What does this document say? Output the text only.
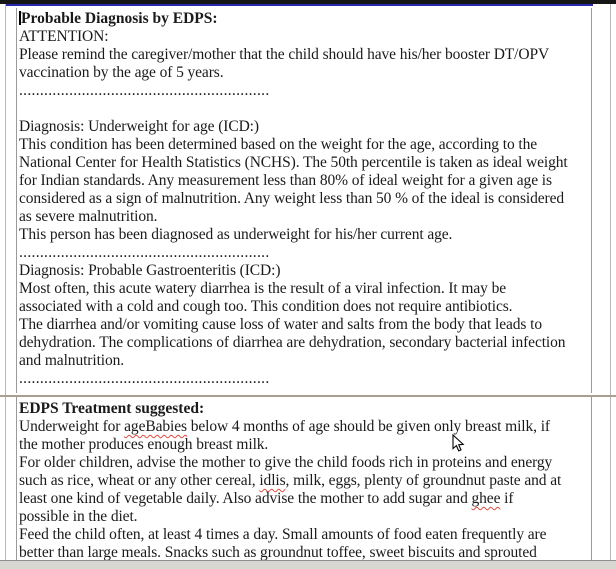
Probable Diagnosis by EDPS:
ATTENTION:
Please remind the caregiver/mother that the child should have his/her booster DT/OPV
vaccination by the age of 5 years.
............................................................

Diagnosis: Underweight for age (ICD:)
This condition has been determined based on the weight for the age, according to the
National Center for Health Statistics (NCHS). The 50th percentile is taken as ideal weight
for Indian standards. Any measurement less than 80% of ideal weight for a given age is
considered as a sign of malnutrition. Any weight less than 50 % of the ideal is considered
as severe malnutrition.
This person has been diagnosed as underweight for his/her current age.
............................................................
Diagnosis: Probable Gastroenteritis (ICD:)
Most often, this acute watery diarrhea is the result of a viral infection. It may be
associated with a cold and cough too. This condition does not require antibiotics.
The diarrhea and/or vomiting cause loss of water and salts from the body that leads to
dehydration. The complications of diarrhea are dehydration, secondary bacterial infection
and malnutrition.
............................................................
EDPS Treatment suggested:
Underweight for ageBabies below 4 months of age should be given only breast milk, if
the mother produces enough breast milk.
For older children, advise the mother to give the child foods rich in proteins and energy
such as rice, wheat or any other cereal, idlis, milk, eggs, plenty of groundnut paste and at
least one kind of vegetable daily. Also advise the mother to add sugar and ghee if
possible in the diet.
Feed the child often, at least 4 times a day. Small amounts of food eaten frequently are
better than large meals. Snacks such as groundnut toffee, sweet biscuits and sprouted
